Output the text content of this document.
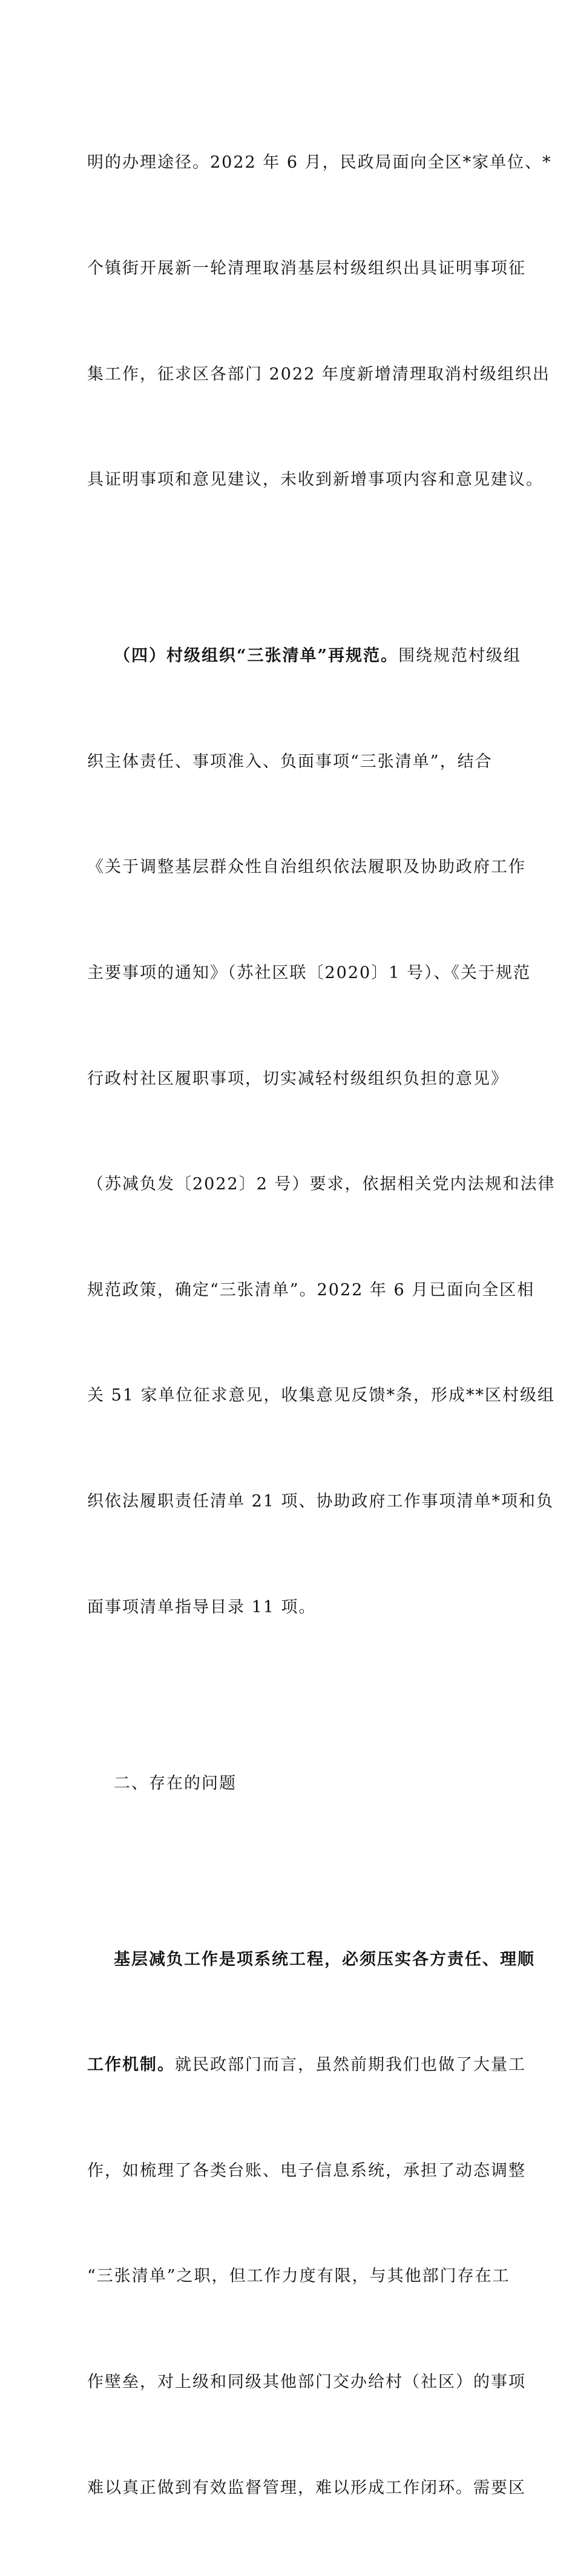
明的办理途径。2022 年 6 月，民政局面向全区*家单位、*

个镇街开展新一轮清理取消基层村级组织出具证明事项征

集工作，征求区各部门 2022 年度新增清理取消村级组织出

具证明事项和意见建议，未收到新增事项内容和意见建议。

（四）村级组织“三张清单”再规范。围绕规范村级组

织主体责任、事项准入、负面事项“三张清单”，结合

《关于调整基层群众性自治组织依法履职及协助政府工作

主要事项的通知》（苏社区联〔2020〕1 号）、《关于规范

行政村社区履职事项，切实减轻村级组织负担的意见》

（苏减负发〔2022〕2 号）要求，依据相关党内法规和法律

规范政策，确定“三张清单”。2022 年 6 月已面向全区相

关 51 家单位征求意见，收集意见反馈*条，形成**区村级组

织依法履职责任清单 21 项、协助政府工作事项清单*项和负

面事项清单指导目录 11 项。

二、存在的问题

基层减负工作是项系统工程，必须压实各方责任、理顺

工作机制。就民政部门而言，虽然前期我们也做了大量工

作，如梳理了各类台账、电子信息系统，承担了动态调整

“三张清单”之职，但工作力度有限，与其他部门存在工

作壁垒，对上级和同级其他部门交办给村（社区）的事项

难以真正做到有效监督管理，难以形成工作闭环。需要区
